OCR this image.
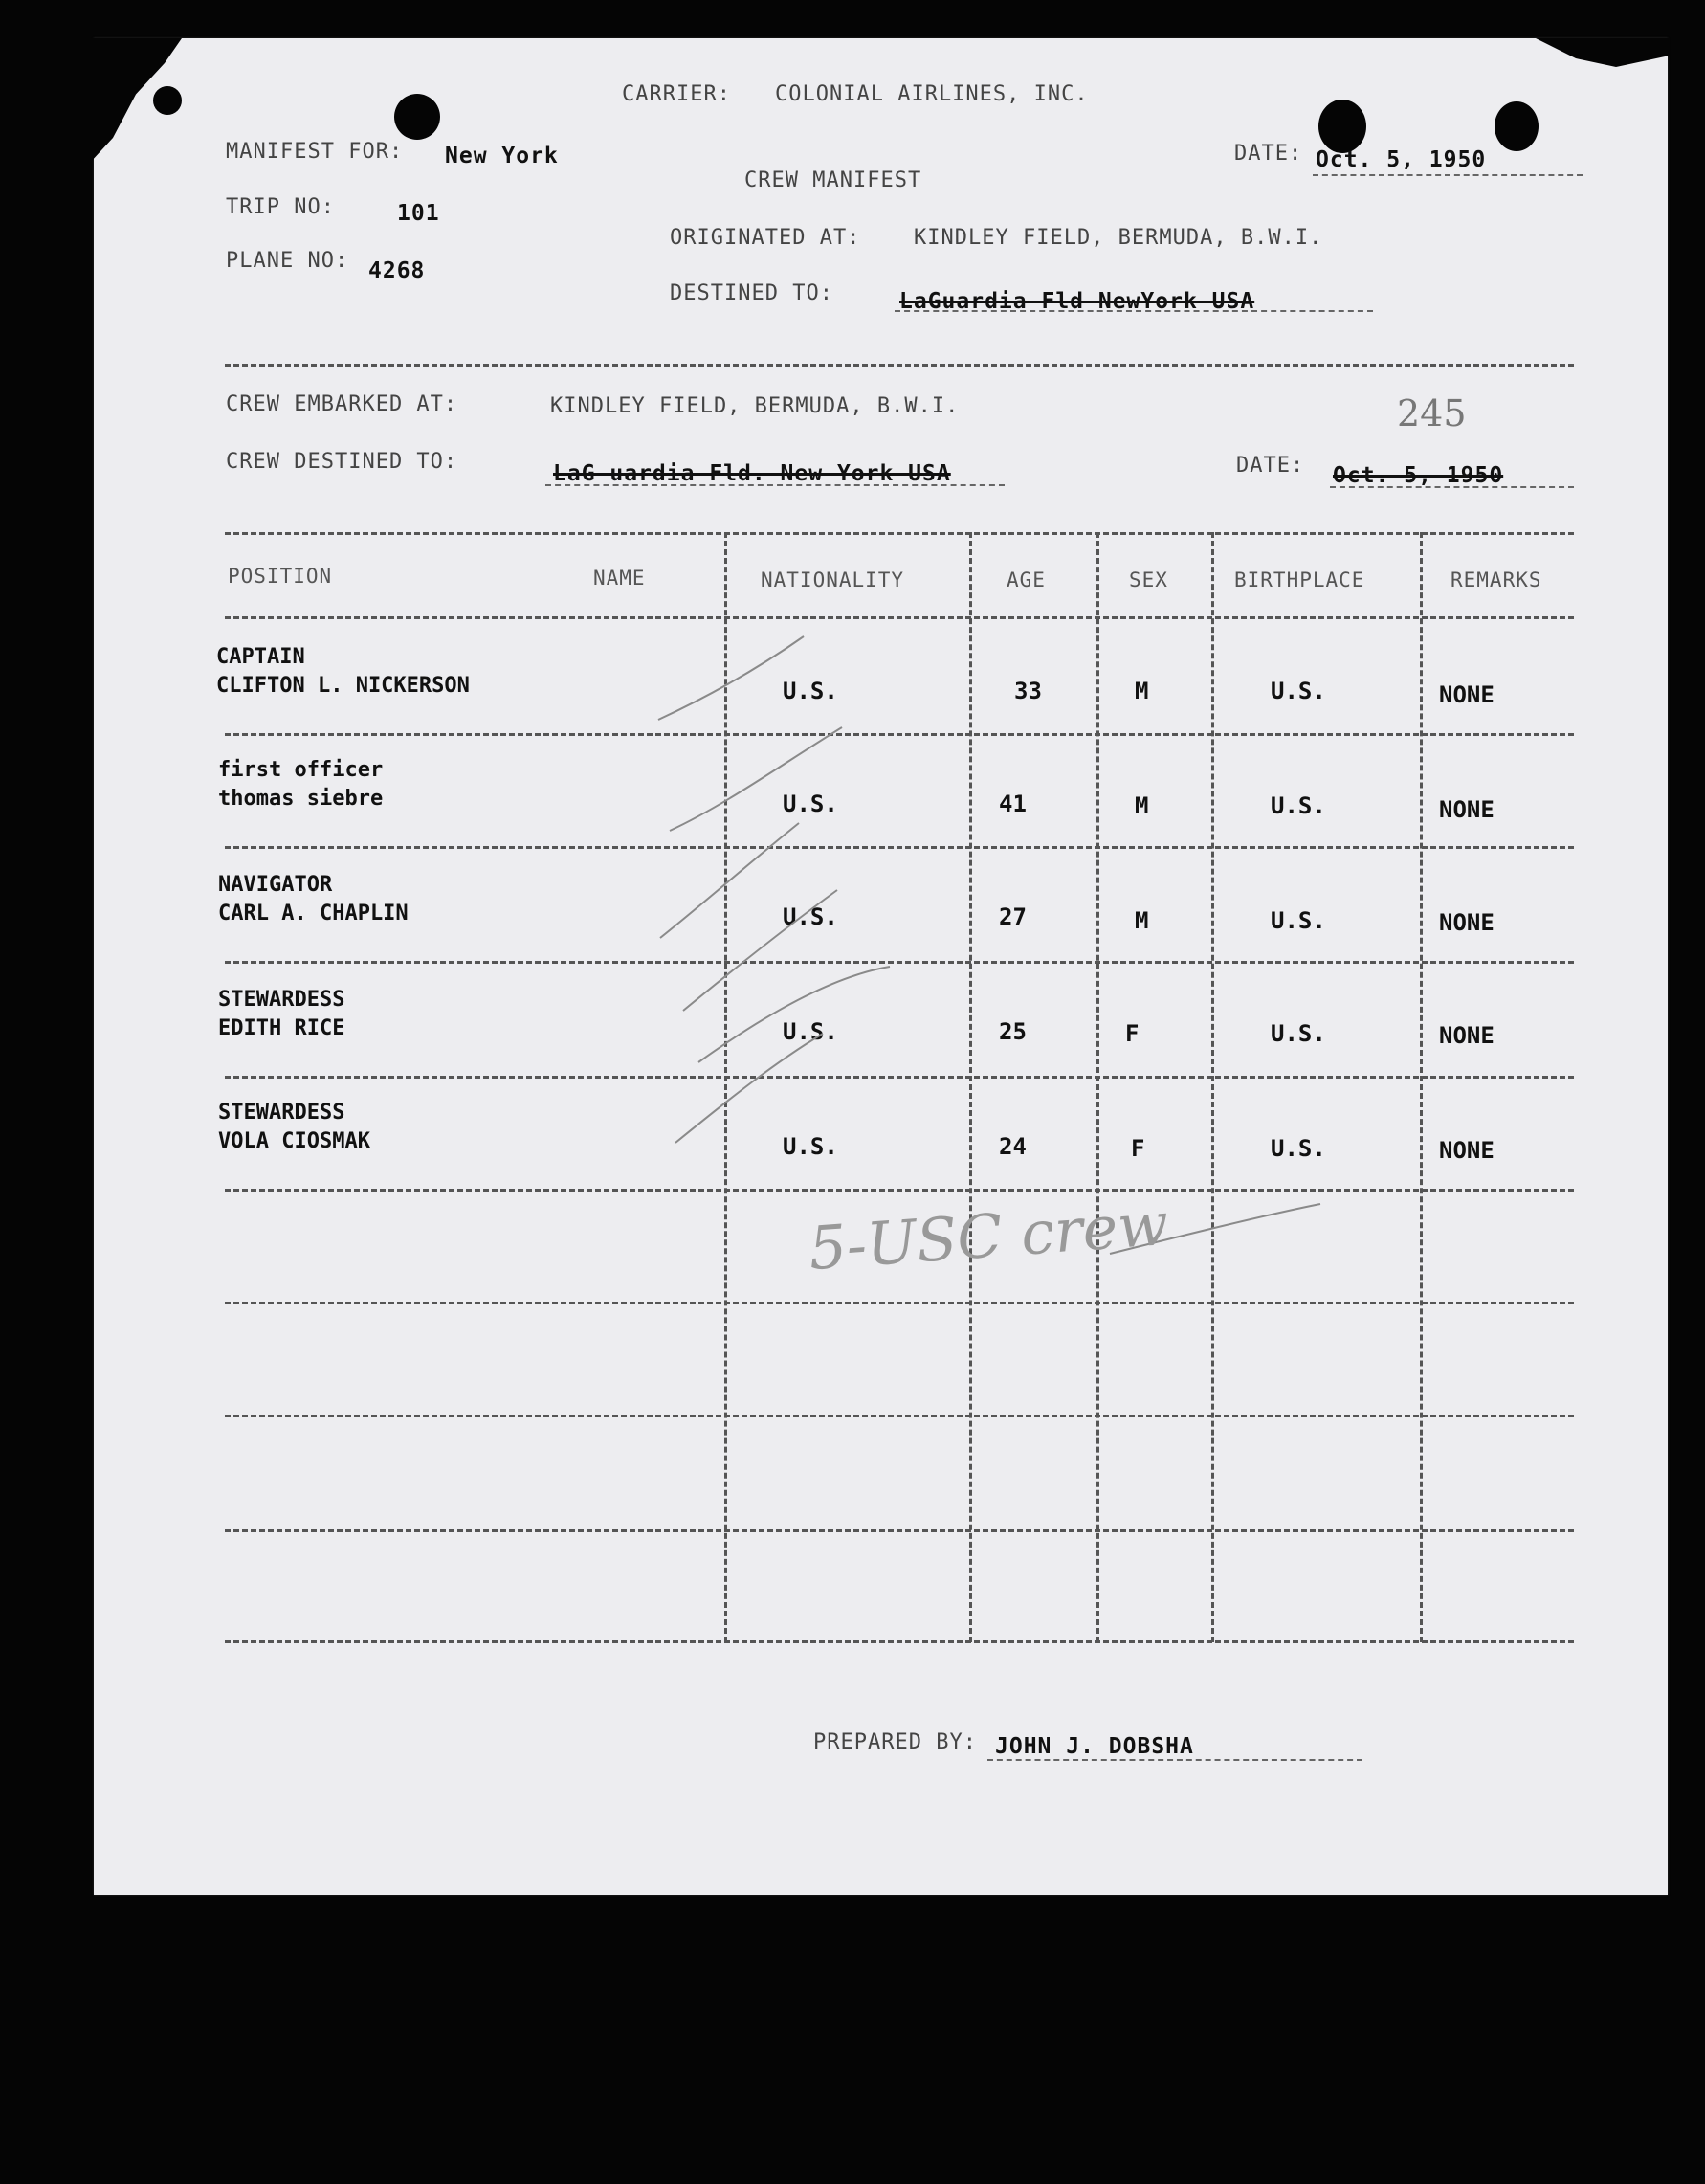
CARRIER: COLONIAL AIRLINES, INC.
MANIFEST FOR: New York
TRIP NO:	101
PLANE NO: 4268
CREW MANIFEST
DATE: Oct. 5, 1950
ORIGINATED AT:	KINDLEY FIELD, BERMUDA, B.W.I.
DESTINED TO:	LaGuardia Fld NewYork USA
CREW EMBARKED AT:	KINDLEY FIELD, BERMUDA, B.W.I.	245
CREW DESTINED TO:	LaG uardia Fld. New York USA	DATE: Oct. 5, 1950
POSITION	NAME	NATIONALITY	AGE	SEX	BIRTHPLACE	REMARKS
CAPTAIN
CLIFTON L. NICKERSON	U.S.	33	M	U.S.	NONE
first officer
thomas siebre	U.S.	41	M	U.S.	NONE
NAVIGATOR
CARL A. CHAPLIN	U.S.	27	M	U.S.	NONE
STEWARDESS
EDITH RICE	U.S.	25	F	U.S.	NONE
STEWARDESS
VOLA CIOSMAK	U.S.	24	F	U.S.	NONE
5-USC crew
PREPARED BY: JOHN J. DOBSHA
